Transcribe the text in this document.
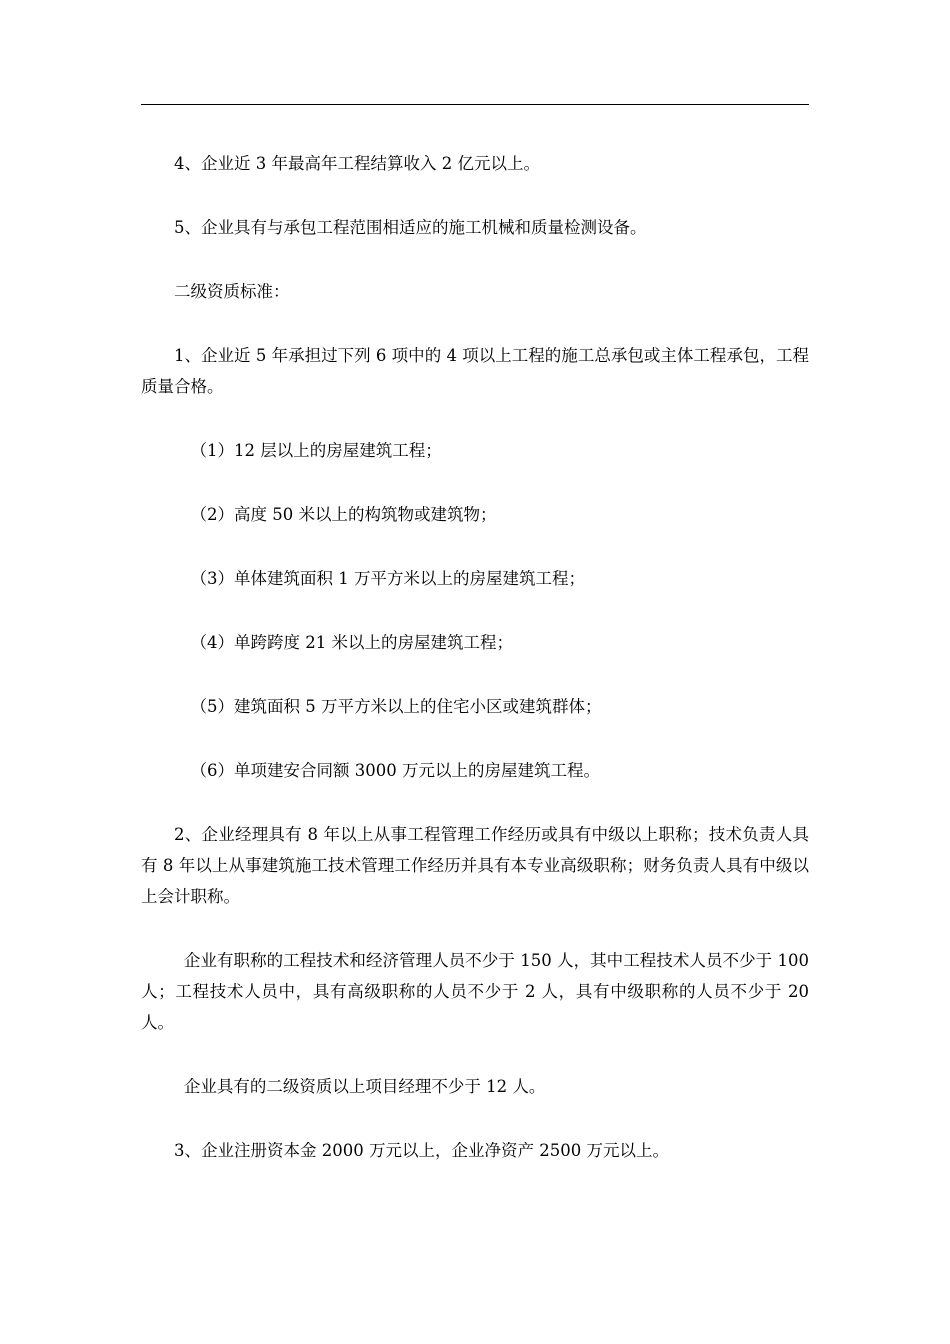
4、企业近 3 年最高年工程结算收入 2 亿元以上。

5、企业具有与承包工程范围相适应的施工机械和质量检测设备。

二级资质标准：

1、企业近 5 年承担过下列 6 项中的 4 项以上工程的施工总承包或主体工程承包，工程质量合格。

（1）12 层以上的房屋建筑工程；

（2）高度 50 米以上的构筑物或建筑物；

（3）单体建筑面积 1 万平方米以上的房屋建筑工程；

（4）单跨跨度 21 米以上的房屋建筑工程；

（5）建筑面积 5 万平方米以上的住宅小区或建筑群体；

（6）单项建安合同额 3000 万元以上的房屋建筑工程。

2、企业经理具有 8 年以上从事工程管理工作经历或具有中级以上职称；技术负责人具有 8 年以上从事建筑施工技术管理工作经历并具有本专业高级职称；财务负责人具有中级以上会计职称。

企业有职称的工程技术和经济管理人员不少于 150 人，其中工程技术人员不少于 100 人；工程技术人员中，具有高级职称的人员不少于 2 人，具有中级职称的人员不少于 20 人。

企业具有的二级资质以上项目经理不少于 12 人。

3、企业注册资本金 2000 万元以上，企业净资产 2500 万元以上。
